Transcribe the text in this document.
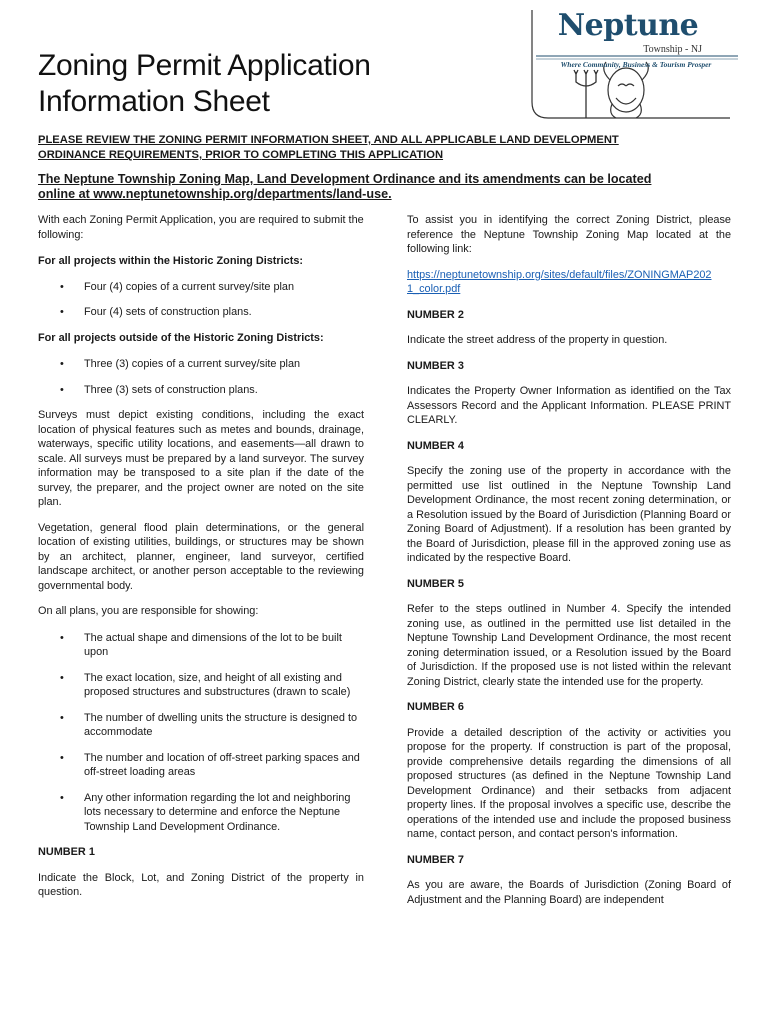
Zoning Permit Application
Information Sheet
Neptune
Township - NJ
Where Community, Business & Tourism Prosper
PLEASE REVIEW THE ZONING PERMIT INFORMATION SHEET, AND ALL APPLICABLE LAND DEVELOPMENT
ORDINANCE REQUIREMENTS, PRIOR TO COMPLETING THIS APPLICATION
The Neptune Township Zoning Map, Land Development Ordinance and its amendments can be located
online at www.neptunetownship.org/departments/land-use.

With each Zoning Permit Application, you are required to submit the following:

For all projects within the Historic Zoning Districts:

• Four (4) copies of a current survey/site plan

• Four (4) sets of construction plans.

For all projects outside of the Historic Zoning Districts:

• Three (3) copies of a current survey/site plan

• Three (3) sets of construction plans.

Surveys must depict existing conditions, including the exact location of physical features such as metes and bounds, drainage, waterways, specific utility locations, and easements—all drawn to scale. All surveys must be prepared by a land surveyor. The survey information may be transposed to a site plan if the date of the survey, the preparer, and the project owner are noted on the site plan.

Vegetation, general flood plain determinations, or the general location of existing utilities, buildings, or structures may be shown by an architect, planner, engineer, land surveyor, certified landscape architect, or another person acceptable to the reviewing governmental body.

On all plans, you are responsible for showing:

• The actual shape and dimensions of the lot to be built upon

• The exact location, size, and height of all existing and proposed structures and substructures (drawn to scale)

• The number of dwelling units the structure is designed to accommodate

• The number and location of off-street parking spaces and off-street loading areas

• Any other information regarding the lot and neighboring lots necessary to determine and enforce the Neptune Township Land Development Ordinance.

NUMBER 1

Indicate the Block, Lot, and Zoning District of the property in question.

To assist you in identifying the correct Zoning District, please reference the Neptune Township Zoning Map located at the following link:

https://neptunetownship.org/sites/default/files/ZONINGMAP202
1_color.pdf

NUMBER 2

Indicate the street address of the property in question.

NUMBER 3

Indicates the Property Owner Information as identified on the Tax Assessors Record and the Applicant Information. PLEASE PRINT CLEARLY.

NUMBER 4

Specify the zoning use of the property in accordance with the permitted use list outlined in the Neptune Township Land Development Ordinance, the most recent zoning determination, or a Resolution issued by the Board of Jurisdiction (Planning Board or Zoning Board of Adjustment). If a resolution has been granted by the Board of Jurisdiction, please fill in the approved zoning use as indicated by the respective Board.

NUMBER 5

Refer to the steps outlined in Number 4. Specify the intended zoning use, as outlined in the permitted use list detailed in the Neptune Township Land Development Ordinance, the most recent zoning determination issued, or a Resolution issued by the Board of Jurisdiction. If the proposed use is not listed within the relevant Zoning District, clearly state the intended use for the property.

NUMBER 6

Provide a detailed description of the activity or activities you propose for the property. If construction is part of the proposal, provide comprehensive details regarding the dimensions of all proposed structures (as defined in the Neptune Township Land Development Ordinance) and their setbacks from adjacent property lines. If the proposal involves a specific use, describe the operations of the intended use and include the proposed business name, contact person, and contact person's information.

NUMBER 7

As you are aware, the Boards of Jurisdiction (Zoning Board of Adjustment and the Planning Board) are independent
